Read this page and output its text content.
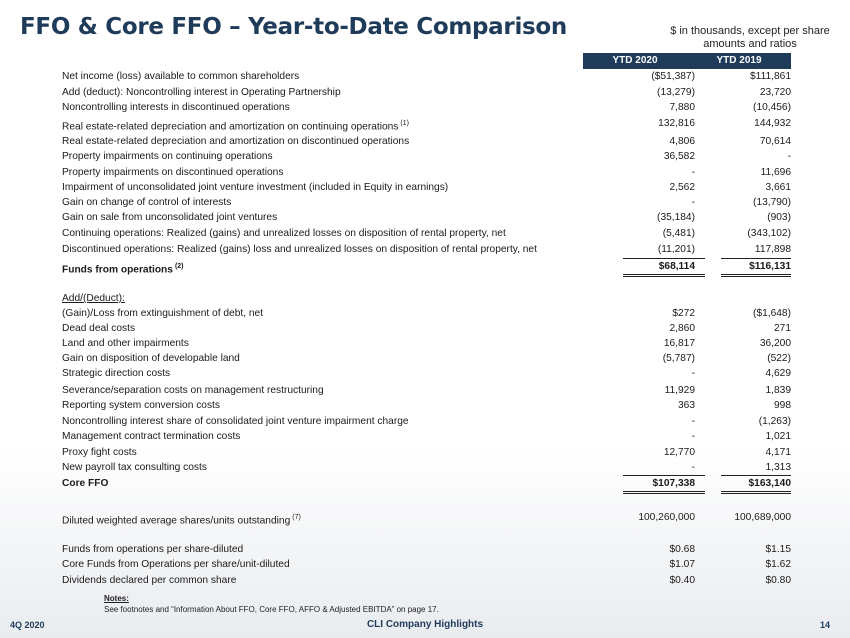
FFO & Core FFO – Year-to-Date Comparison	$ in thousands, except per share amounts and ratios
YTD 2020	YTD 2019
Net income (loss) available to common shareholders	($51,387)	$111,861
Add (deduct): Noncontrolling interest in Operating Partnership	(13,279)	23,720
Noncontrolling interests in discontinued operations	7,880	(10,456)
Real estate-related depreciation and amortization on continuing operations $^{(1)}$	132,816	144,932
Real estate-related depreciation and amortization on discontinued operations	4,806	70,614
Property impairments on continuing operations	36,582	-
Property impairments on discontinued operations	-	11,696
Impairment of unconsolidated joint venture investment (included in Equity in earnings)	2,562	3,661
Gain on change of control of interests	-	(13,790)
Gain on sale from unconsolidated joint ventures	(35,184)	(903)
Continuing operations: Realized (gains) and unrealized losses on disposition of rental property, net	(5,481)	(343,102)
Discontinued operations: Realized (gains) loss and unrealized losses on disposition of rental property, net	(11,201)	117,898
Funds from operations $^{(2)}$	$68,114	$116,131
Add/(Deduct):
(Gain)/Loss from extinguishment of debt, net	$272	($1,648)
Dead deal costs	2,860	271
Land and other impairments	16,817	36,200
Gain on disposition of developable land	(5,787)	(522)
Strategic direction costs	-	4,629
Severance/separation costs on management restructuring	11,929	1,839
Reporting system conversion costs	363	998
Noncontrolling interest share of consolidated joint venture impairment charge	-	(1,263)
Management contract termination costs	-	1,021
Proxy fight costs	12,770	4,171
New payroll tax consulting costs	-	1,313
Core FFO	$107,338	$163,140
Diluted weighted average shares/units outstanding $^{(7)}$	100,260,000	100,689,000
Funds from operations per share-diluted	$0.68	$1.15
Core Funds from Operations per share/unit-diluted	$1.07	$1.62
Dividends declared per common share	$0.40	$0.80
Notes:
See footnotes and “Information About FFO, Core FFO, AFFO & Adjusted EBITDA” on page 17.
4Q 2020	CLI Company Highlights	14
